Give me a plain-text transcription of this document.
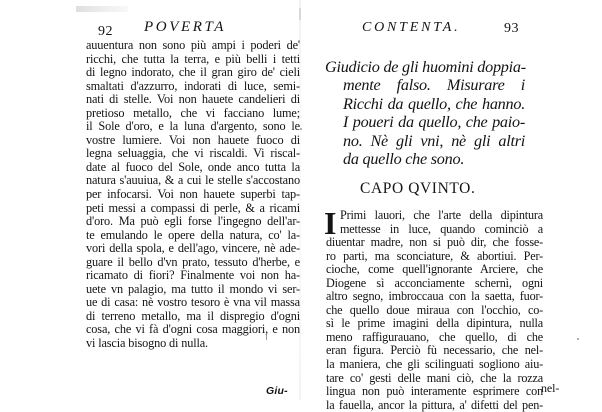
92 POVERTA
auuentura non sono più ampi i poderi de'
ricchi, che tutta la terra, e più belli i tetti
di legno indorato, che il gran giro de' cieli
smaltati d'azzurro, indorati di luce, semi-
nati di stelle. Voi non hauete candelieri di
pretioso metallo, che vi facciano lume;
il Sole d'oro, e la luna d'argento, sono le
vostre lumiere. Voi non hauete fuoco di
legna seluaggia, che vi riscaldi. Vi riscal-
date al fuoco del Sole, onde anco tutta la
natura s'auuiua, & a cui le stelle s'accostano
per infocarsi. Voi non hauete superbi tap-
peti messi a compassi di perle, & a ricami
d'oro. Ma può egli forse l'ingegno dell'ar-
te emulando le opere della natura, co' la-
vori della spola, e dell'ago, vincere, nè ade-
guare il bello d'vn prato, tessuto d'herbe, e
ricamato di fiori? Finalmente voi non ha-
uete vn palagio, ma tutto il mondo vi ser-
ue di casa: nè vostro tesoro è vna vil massa
di terreno metallo, ma il dispregio d'ogni
cosa, che vi fà d'ogni cosa maggiori, e non
vi lascia bisogno di nulla.
Giu-
CONTENTA.	93
Giudicio de gli huomini doppia-
mente falso. Misurare i
Ricchi da quello, che hanno.
I poueri da quello, che paio-
no. Nè gli vni, nè gli altri
da quello che sono.
CAPO QVINTO.
I Primi lauori, che l'arte della dipintura
mettesse in luce, quando cominciò a
diuentar madre, non si può dir, che fosse-
ro parti, ma sconciature, & abortiui. Per-
cioche, come quell'ignorante Arciere, che
Diogene sì acconciamente schernì, ogni
altro segno, imbroccaua con la saetta, fuor-
che quello doue miraua con l'occhio, co-
sì le prime imagini della dipintura, nulla
meno raffigurauano, che quello, di che
eran figura. Perciò fù necessario, che nel-
la maniera, che gli scilinguati sogliono aiu-
tare co' gesti delle mani ciò, che la rozza
lingua non può interamente esprimere con
la fauella, ancor la pittura, a' difetti del pen-
nel-
